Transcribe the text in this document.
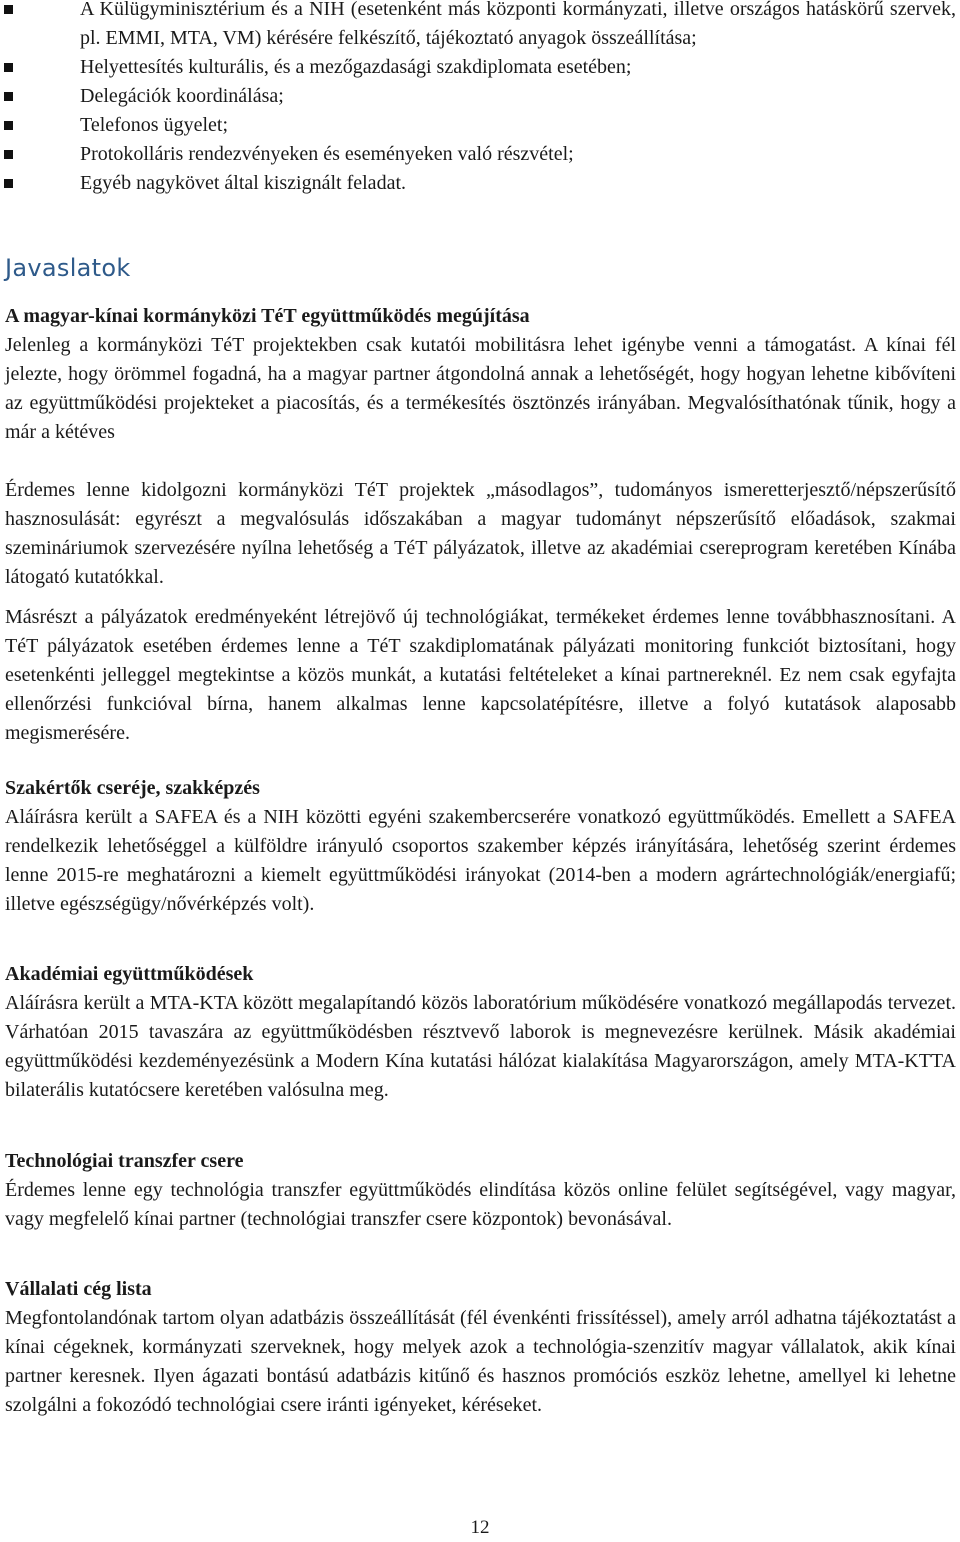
A Külügyminisztérium és a NIH (esetenként más központi kormányzati, illetve országos hatáskörű szervek, pl. EMMI, MTA, VM) kérésére felkészítő, tájékoztató anyagok összeállítása;
Helyettesítés kulturális, és a mezőgazdasági szakdiplomata esetében;
Delegációk koordinálása;
Telefonos ügyelet;
Protokolláris rendezvényeken és eseményeken való részvétel;
Egyéb nagykövet által kiszignált feladat.
Javaslatok

A magyar-kínai kormányközi TéT együttműködés megújítása

Jelenleg a kormányközi TéT projektekben csak kutatói mobilitásra lehet igénybe venni a támogatást. A kínai fél jelezte, hogy örömmel fogadná, ha a magyar partner átgondolná annak a lehetőségét, hogy hogyan lehetne kibővíteni az együttműködési projekteket a piacosítás, és a termékesítés ösztönzés irányában. Megvalósíthatónak tűnik, hogy a már a kétéves

Érdemes lenne kidolgozni kormányközi TéT projektek „másodlagos”, tudományos ismeretterjesztő/népszerűsítő hasznosulását: egyrészt a megvalósulás időszakában a magyar tudományt népszerűsítő előadások, szakmai szemináriumok szervezésére nyílna lehetőség a TéT pályázatok, illetve az akadémiai csereprogram keretében Kínába látogató kutatókkal.

Másrészt a pályázatok eredményeként létrejövő új technológiákat, termékeket érdemes lenne továbbhasznosítani. A TéT pályázatok esetében érdemes lenne a TéT szakdiplomatának pályázati monitoring funkciót biztosítani, hogy esetenkénti jelleggel megtekintse a közös munkát, a kutatási feltételeket a kínai partnereknél. Ez nem csak egyfajta ellenőrzési funkcióval bírna, hanem alkalmas lenne kapcsolatépítésre, illetve a folyó kutatások alaposabb megismerésére.

Szakértők cseréje, szakképzés

Aláírásra került a SAFEA és a NIH közötti egyéni szakembercserére vonatkozó együttműködés. Emellett a SAFEA rendelkezik lehetőséggel a külföldre irányuló csoportos szakember képzés irányítására, lehetőség szerint érdemes lenne 2015-re meghatározni a kiemelt együttműködési irányokat (2014-ben a modern agrártechnológiák/energiafű; illetve egészségügy/nővérképzés volt).

Akadémiai együttműködések

Aláírásra került a MTA-KTA között megalapítandó közös laboratórium működésére vonatkozó megállapodás tervezet. Várhatóan 2015 tavaszára az együttműködésben résztvevő laborok is megnevezésre kerülnek. Másik akadémiai együttműködési kezdeményezésünk a Modern Kína kutatási hálózat kialakítása Magyarországon, amely MTA-KTTA bilaterális kutatócsere keretében valósulna meg.

Technológiai transzfer csere

Érdemes lenne egy technológia transzfer együttműködés elindítása közös online felület segítségével, vagy magyar, vagy megfelelő kínai partner (technológiai transzfer csere központok) bevonásával.

Vállalati cég lista

Megfontolandónak tartom olyan adatbázis összeállítását (fél évenkénti frissítéssel), amely arról adhatna tájékoztatást a kínai cégeknek, kormányzati szerveknek, hogy melyek azok a technológia-szenzitív magyar vállalatok, akik kínai partner keresnek. Ilyen ágazati bontású adatbázis kitűnő és hasznos promóciós eszköz lehetne, amellyel ki lehetne szolgálni a fokozódó technológiai csere iránti igényeket, kéréseket.

12
